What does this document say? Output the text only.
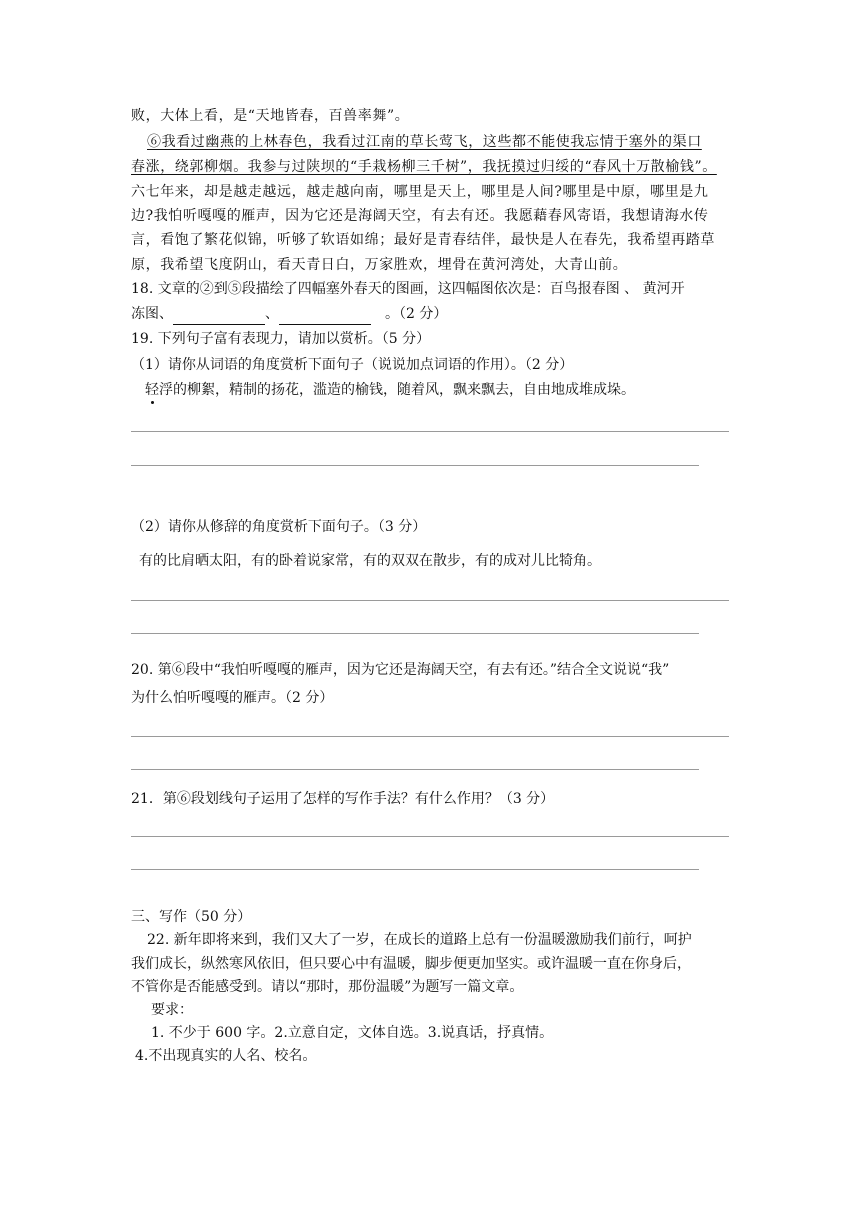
败，大体上看，是“天地皆春，百兽率舞”。
⑥我看过幽燕的上林春色，我看过江南的草长莺飞，这些都不能使我忘情于塞外的渠口
春涨，绕郭柳烟。我参与过陕坝的“手栽杨柳三千树”，我抚摸过归绥的“春风十万散榆钱”。
六七年来，却是越走越远，越走越向南，哪里是天上，哪里是人间?哪里是中原，哪里是九
边?我怕听嘎嘎的雁声，因为它还是海阔天空，有去有还。我愿藉春风寄语，我想请海水传
言，看饱了繁花似锦，听够了软语如绵；最好是青春结伴，最快是人在春先，我希望再踏草
原，我希望飞度阴山，看天青日白，万家胜欢，埋骨在黄河湾处，大青山前。
18. 文章的②到⑤段描绘了四幅塞外春天的图画，这四幅图依次是：百鸟报春图 、 黄河开
冻图、	、	。（2 分）
19. 下列句子富有表现力，请加以赏析。（5 分）
（1）请你从词语的角度赏析下面句子（说说加点词语的作用）。（2 分）
轻浮的柳絮，精制的扬花，滥造的榆钱，随着风，飘来飘去，自由地成堆成垛。
（2）请你从修辞的角度赏析下面句子。（3 分）
有的比肩晒太阳，有的卧着说家常，有的双双在散步，有的成对儿比犄角。
20. 第⑥段中“我怕听嘎嘎的雁声，因为它还是海阔天空，有去有还。”结合全文说说“我”
为什么怕听嘎嘎的雁声。（2 分）
21．第⑥段划线句子运用了怎样的写作手法？有什么作用？（3 分）
三、写作（50 分）
22. 新年即将来到，我们又大了一岁，在成长的道路上总有一份温暖激励我们前行，呵护
我们成长，纵然寒风依旧，但只要心中有温暖，脚步便更加坚实。或许温暖一直在你身后，
不管你是否能感受到。请以“那时，那份温暖”为题写一篇文章。
要求：
1. 不少于 600 字。2.立意自定，文体自选。3.说真话，抒真情。
4.不出现真实的人名、校名。
